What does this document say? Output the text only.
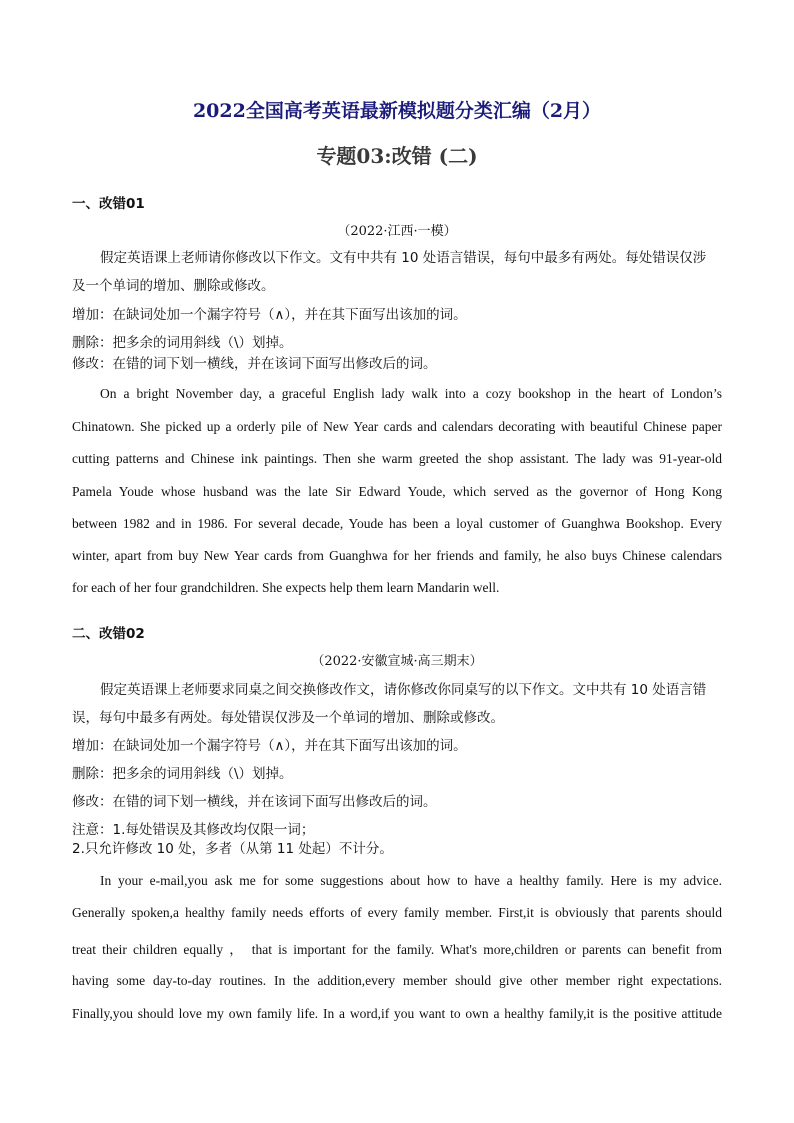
2022全国高考英语最新模拟题分类汇编（2月）
专题03:改错 (二)
一、改错01
（2022·江西·一模）
假定英语课上老师请你修改以下作文。文有中共有 10 处语言错误，每句中最多有两处。每处错误仅涉
及一个单词的增加、删除或修改。
增加：在缺词处加一个漏字符号（∧），并在其下面写出该加的词。
删除：把多余的词用斜线（\）划掉。
修改：在错的词下划一横线，并在该词下面写出修改后的词。
On a bright November day, a graceful English lady walk into a cozy bookshop in the heart of London’s
Chinatown. She picked up a orderly pile of New Year cards and calendars decorating with beautiful Chinese paper
cutting patterns and Chinese ink paintings. Then she warm greeted the shop assistant. The lady was 91-year-old
Pamela Youde whose husband was the late Sir Edward Youde, which served as the governor of Hong Kong
between 1982 and in 1986. For several decade, Youde has been a loyal customer of Guanghwa Bookshop. Every
winter, apart from buy New Year cards from Guanghwa for her friends and family, he also buys Chinese calendars
for each of her four grandchildren. She expects help them learn Mandarin well.
二、改错02
（2022·安徽宣城·高三期末）
假定英语课上老师要求同桌之间交换修改作文，请你修改你同桌写的以下作文。文中共有 10 处语言错
误，每句中最多有两处。每处错误仅涉及一个单词的增加、删除或修改。
增加：在缺词处加一个漏字符号（∧），并在其下面写出该加的词。
删除：把多余的词用斜线（\）划掉。
修改：在错的词下划一横线，并在该词下面写出修改后的词。
注意：1.每处错误及其修改均仅限一词；
2.只允许修改 10 处，多者（从第 11 处起）不计分。
In your e-mail,you ask me for some suggestions about how to have a healthy family. Here is my advice.
Generally spoken,a healthy family needs efforts of every family member. First,it is obviously that parents should
treat their children equally ， that is important for the family. What's more,children or parents can benefit from
having some day-to-day routines. In the addition,every member should give other member right expectations.
Finally,you should love my own family life. In a word,if you want to own a healthy family,it is the positive attitude
